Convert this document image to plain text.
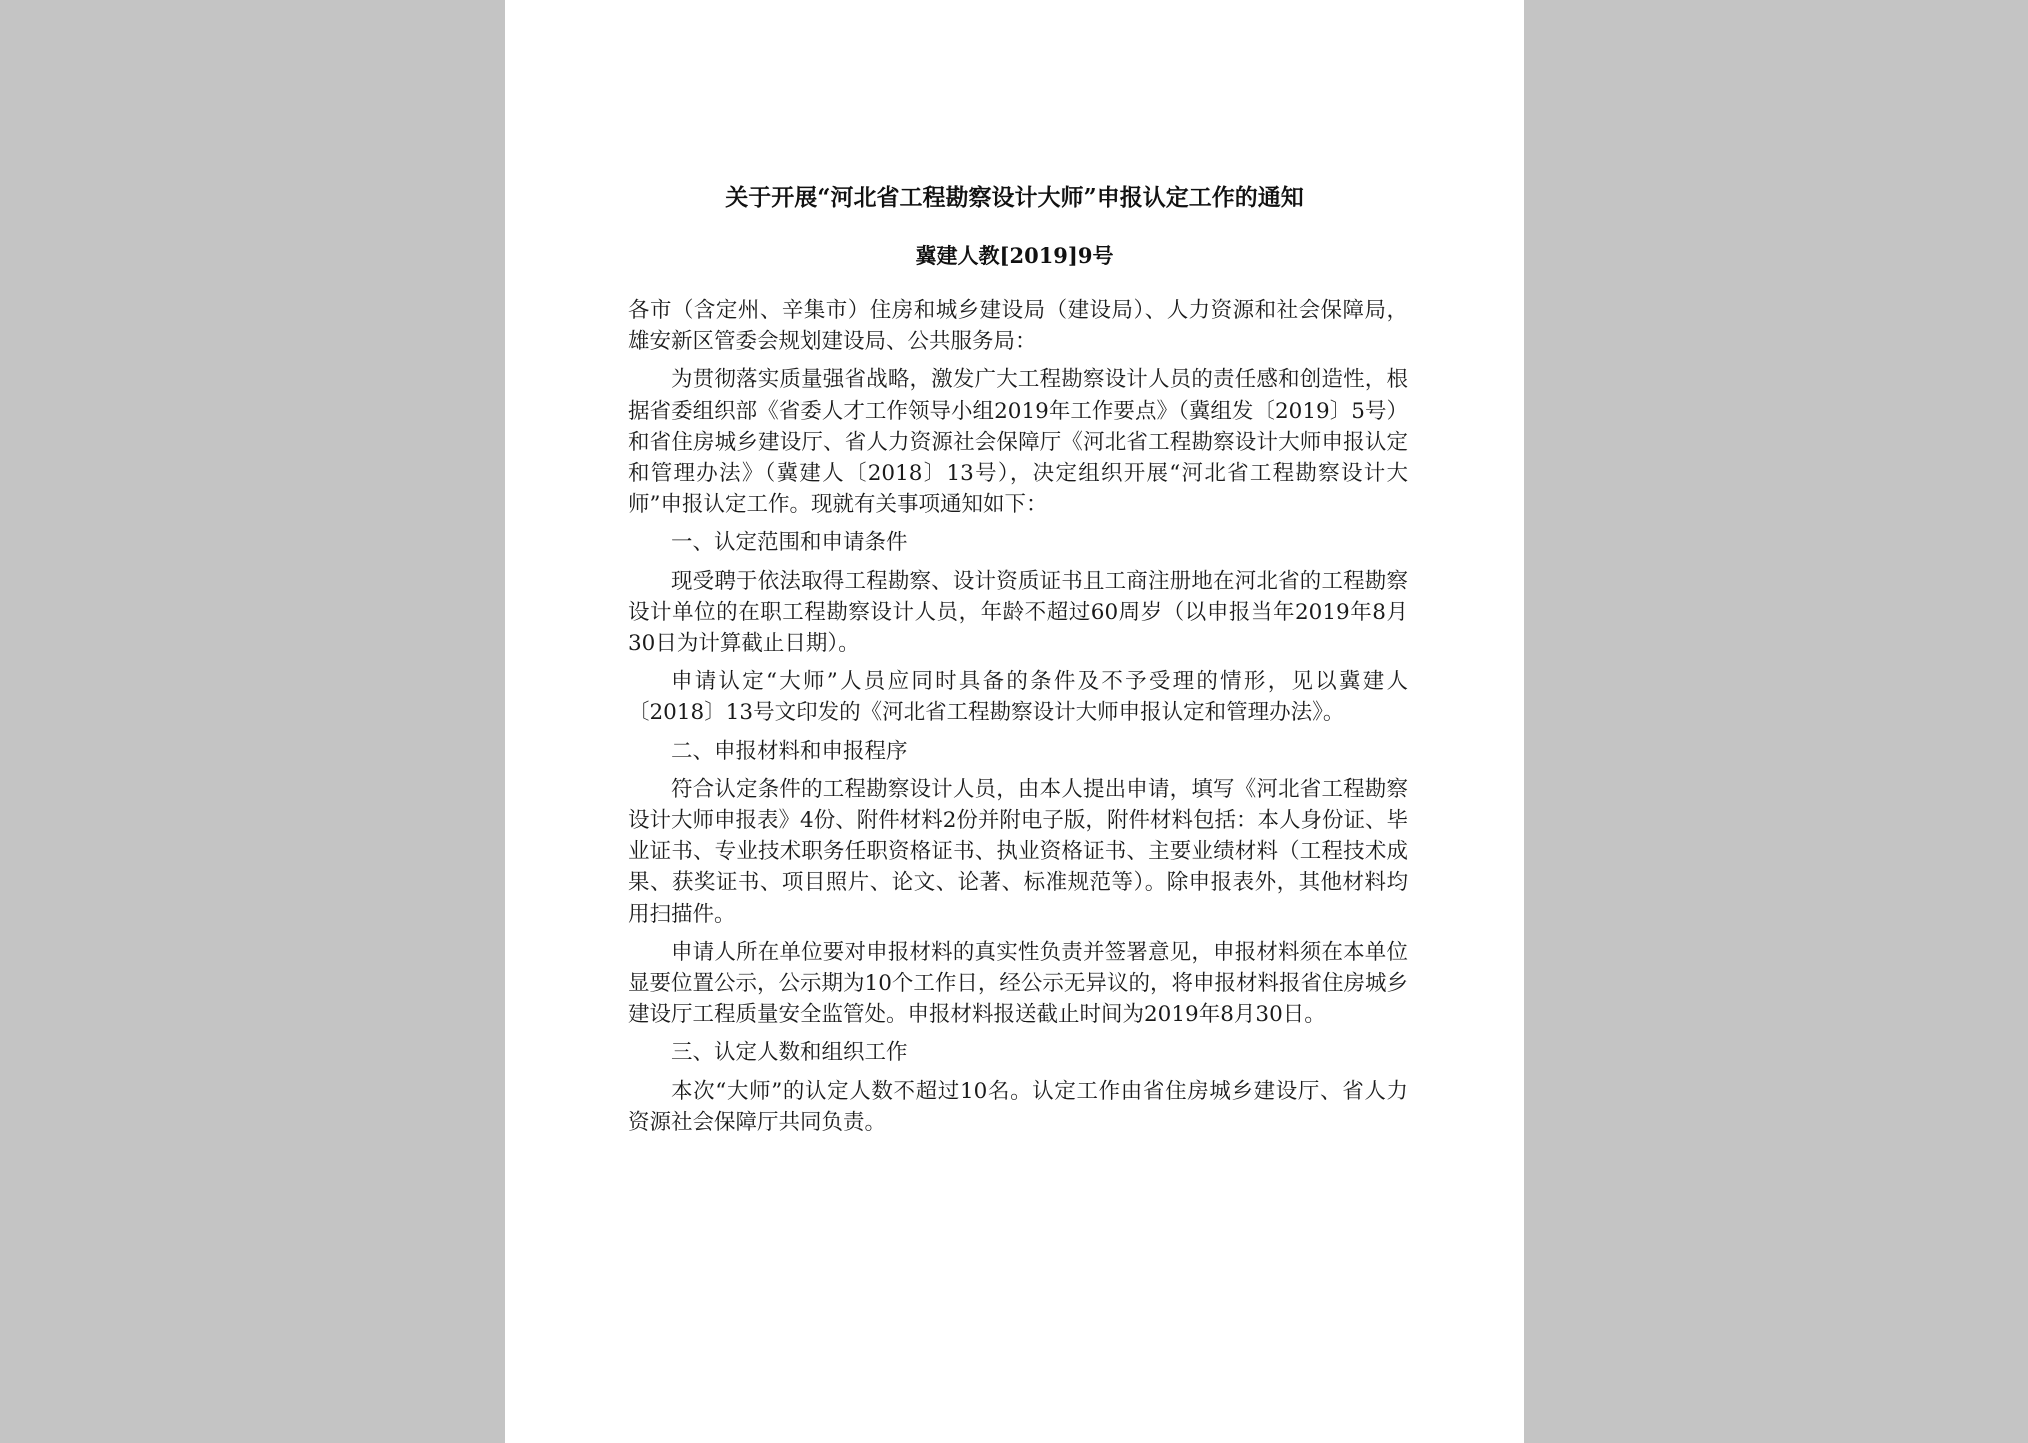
关于开展“河北省工程勘察设计大师”申报认定工作的通知
冀建人教[2019]9号

各市（含定州、辛集市）住房和城乡建设局（建设局）、人力资源和社会保障局，雄安新区管委会规划建设局、公共服务局：

为贯彻落实质量强省战略，激发广大工程勘察设计人员的责任感和创造性，根据省委组织部《省委人才工作领导小组2019年工作要点》（冀组发〔2019〕5号）和省住房城乡建设厅、省人力资源社会保障厅《河北省工程勘察设计大师申报认定和管理办法》（冀建人〔2018〕13号），决定组织开展“河北省工程勘察设计大师”申报认定工作。现就有关事项通知如下：

一、认定范围和申请条件

现受聘于依法取得工程勘察、设计资质证书且工商注册地在河北省的工程勘察设计单位的在职工程勘察设计人员，年龄不超过60周岁（以申报当年2019年8月30日为计算截止日期）。

申请认定“大师”人员应同时具备的条件及不予受理的情形，见以冀建人〔2018〕13号文印发的《河北省工程勘察设计大师申报认定和管理办法》。

二、申报材料和申报程序

符合认定条件的工程勘察设计人员，由本人提出申请，填写《河北省工程勘察设计大师申报表》4份、附件材料2份并附电子版，附件材料包括：本人身份证、毕业证书、专业技术职务任职资格证书、执业资格证书、主要业绩材料（工程技术成果、获奖证书、项目照片、论文、论著、标准规范等）。除申报表外，其他材料均用扫描件。

申请人所在单位要对申报材料的真实性负责并签署意见，申报材料须在本单位显要位置公示，公示期为10个工作日，经公示无异议的，将申报材料报省住房城乡建设厅工程质量安全监管处。申报材料报送截止时间为2019年8月30日。

三、认定人数和组织工作

本次“大师”的认定人数不超过10名。认定工作由省住房城乡建设厅、省人力资源社会保障厅共同负责。
